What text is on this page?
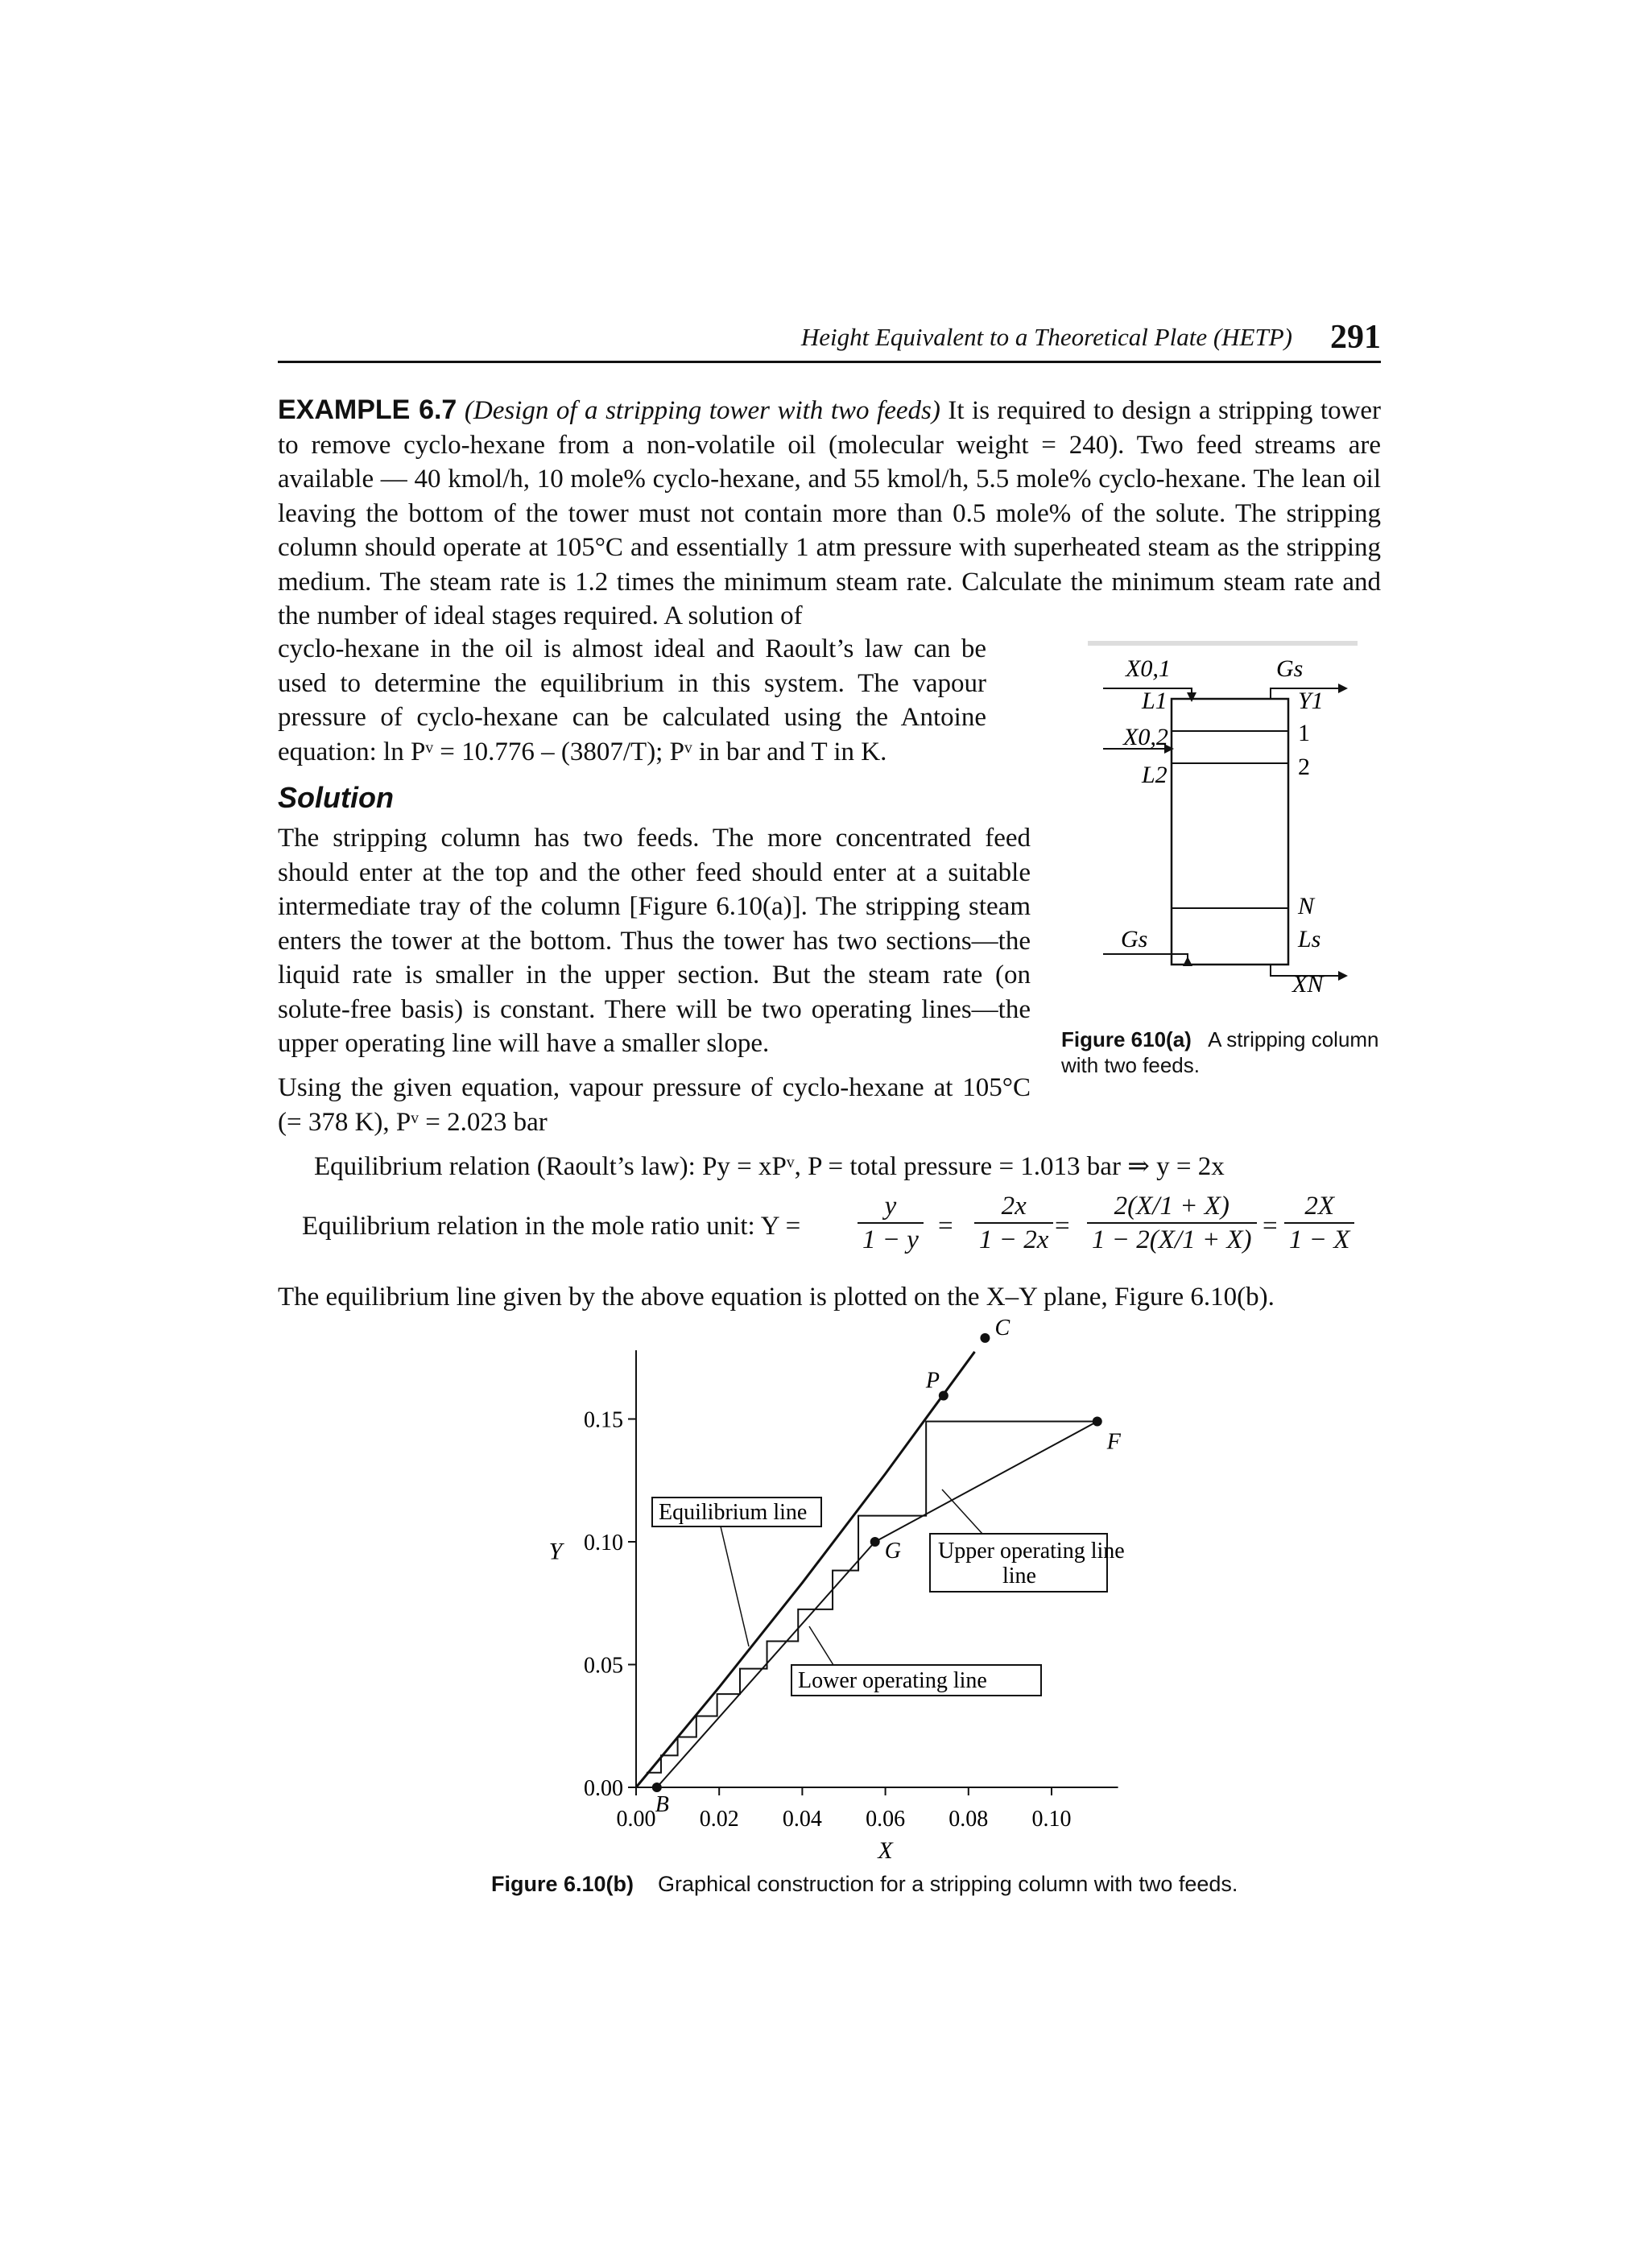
Height Equivalent to a Theoretical Plate (HETP) 291
EXAMPLE 6.7 (Design of a stripping tower with two feeds) It is required to design a stripping tower to remove cyclo-hexane from a non-volatile oil (molecular weight = 240). Two feed streams are available — 40 kmol/h, 10 mole% cyclo-hexane, and 55 kmol/h, 5.5 mole% cyclo-hexane. The lean oil leaving the bottom of the tower must not contain more than 0.5 mole% of the solute. The stripping column should operate at 105°C and essentially 1 atm pressure with superheated steam as the stripping medium. The steam rate is 1.2 times the minimum steam rate. Calculate the minimum steam rate and the number of ideal stages required. A solution of
cyclo-hexane in the oil is almost ideal and Raoult’s law can be used to determine the equilibrium in this system. The vapour pressure of cyclo-hexane can be calculated using the Antoine equation: ln Pᵛ = 10.776 – (3807/T); Pᵛ in bar and T in K.
Solution
The stripping column has two feeds. The more concentrated feed should enter at the top and the other feed should enter at a suitable intermediate tray of the column [Figure 6.10(a)]. The stripping steam enters the tower at the bottom. Thus the tower has two sections—the liquid rate is smaller in the upper section. But the steam rate (on solute-free basis) is constant. There will be two operating lines—the upper operating line will have a smaller slope.
Using the given equation, vapour pressure of cyclo-hexane at 105°C (= 378 K), Pᵛ = 2.023 bar
X0,1	Gs
L1	Y1
X0,2	1
L2	2
N
Gs	Ls
XN
Figure 610(a) A stripping column with two feeds.
Equilibrium relation (Raoult’s law): Py = xPᵛ, P = total pressure = 1.013 bar ⇒ y = 2x
Equilibrium relation in the mole ratio unit: $Y = \frac{y}{1 - y} = \frac{2x}{1 - 2x} = \frac{2(X/1 + X)}{1 - 2(X/1 + X)} = \frac{2X}{1 - X}$
The equilibrium line given by the above equation is plotted on the X–Y plane, Figure 6.10(b).
0.00 0.02 0.04 0.06 0.08 0.10
0.00
0.05
0.10
0.15
X
Y
B
G
F
P
C
Equilibrium line
Upper operating line
line
Lower operating line
Figure 6.10(b) Graphical construction for a stripping column with two feeds.
